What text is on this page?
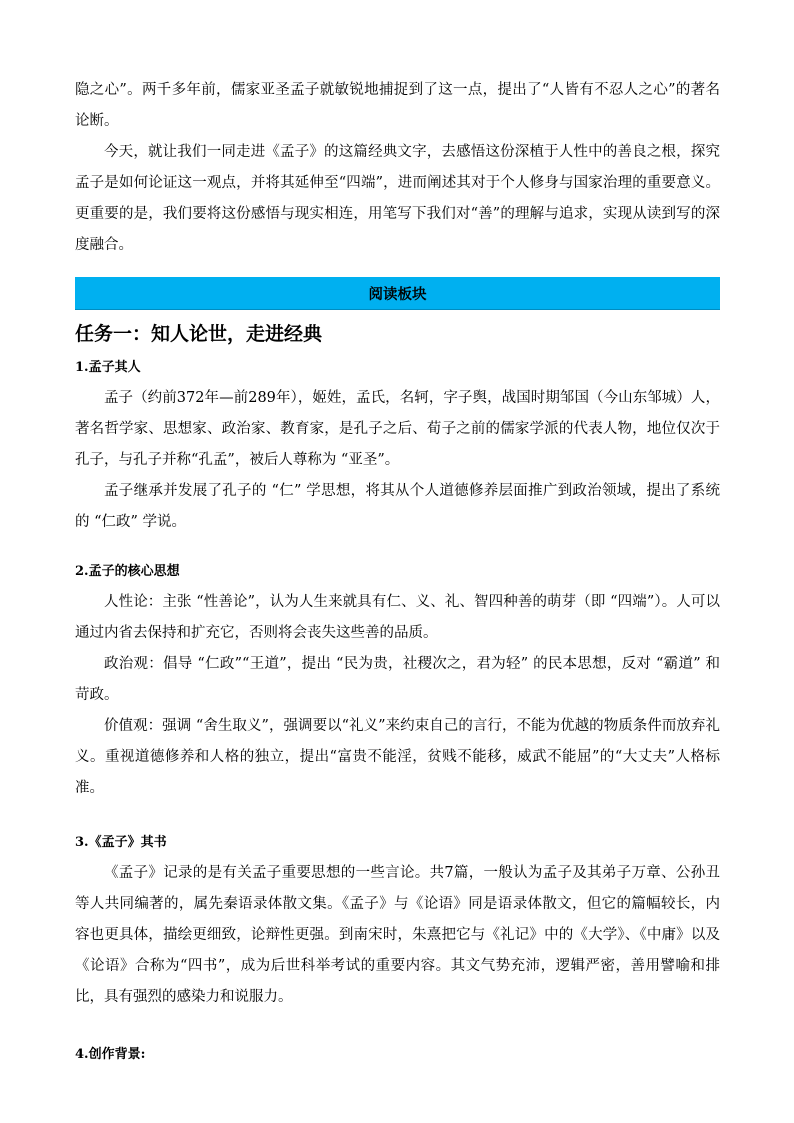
隐之心”。两千多年前，儒家亚圣孟子就敏锐地捕捉到了这一点，提出了“人皆有不忍人之心”的著名论断。

今天，就让我们一同走进《孟子》的这篇经典文字，去感悟这份深植于人性中的善良之根，探究孟子是如何论证这一观点，并将其延伸至“四端”，进而阐述其对于个人修身与国家治理的重要意义。更重要的是，我们要将这份感悟与现实相连，用笔写下我们对“善”的理解与追求，实现从读到写的深度融合。

阅读板块
任务一：知人论世，走进经典
1.孟子其人

孟子（约前372年—前289年），姬姓，孟氏，名轲，字子舆，战国时期邹国（今山东邹城）人，著名哲学家、思想家、政治家、教育家，是孔子之后、荀子之前的儒家学派的代表人物，地位仅次于孔子，与孔子并称“孔孟”，被后人尊称为 “亚圣”。

孟子继承并发展了孔子的 “仁” 学思想，将其从个人道德修养层面推广到政治领域，提出了系统的 “仁政” 学说。

2.孟子的核心思想

人性论：主张 “性善论”，认为人生来就具有仁、义、礼、智四种善的萌芽（即 “四端”）。人可以通过内省去保持和扩充它，否则将会丧失这些善的品质。

政治观：倡导 “仁政”“王道”，提出 “民为贵，社稷次之，君为轻” 的民本思想，反对 “霸道” 和苛政。

价值观：强调 “舍生取义”，强调要以“礼义”来约束自己的言行，不能为优越的物质条件而放弃礼义。重视道德修养和人格的独立，提出“富贵不能淫，贫贱不能移，威武不能屈”的“大丈夫”人格标准。

3.《孟子》其书

《孟子》记录的是有关孟子重要思想的一些言论。共7篇，一般认为孟子及其弟子万章、公孙丑等人共同编著的，属先秦语录体散文集。《孟子》与《论语》同是语录体散文，但它的篇幅较长，内容也更具体，描绘更细致，论辩性更强。到南宋时，朱熹把它与《礼记》中的《大学》、《中庸》以及《论语》合称为“四书”，成为后世科举考试的重要内容。其文气势充沛，逻辑严密，善用譬喻和排比，具有强烈的感染力和说服力。

4.创作背景:
